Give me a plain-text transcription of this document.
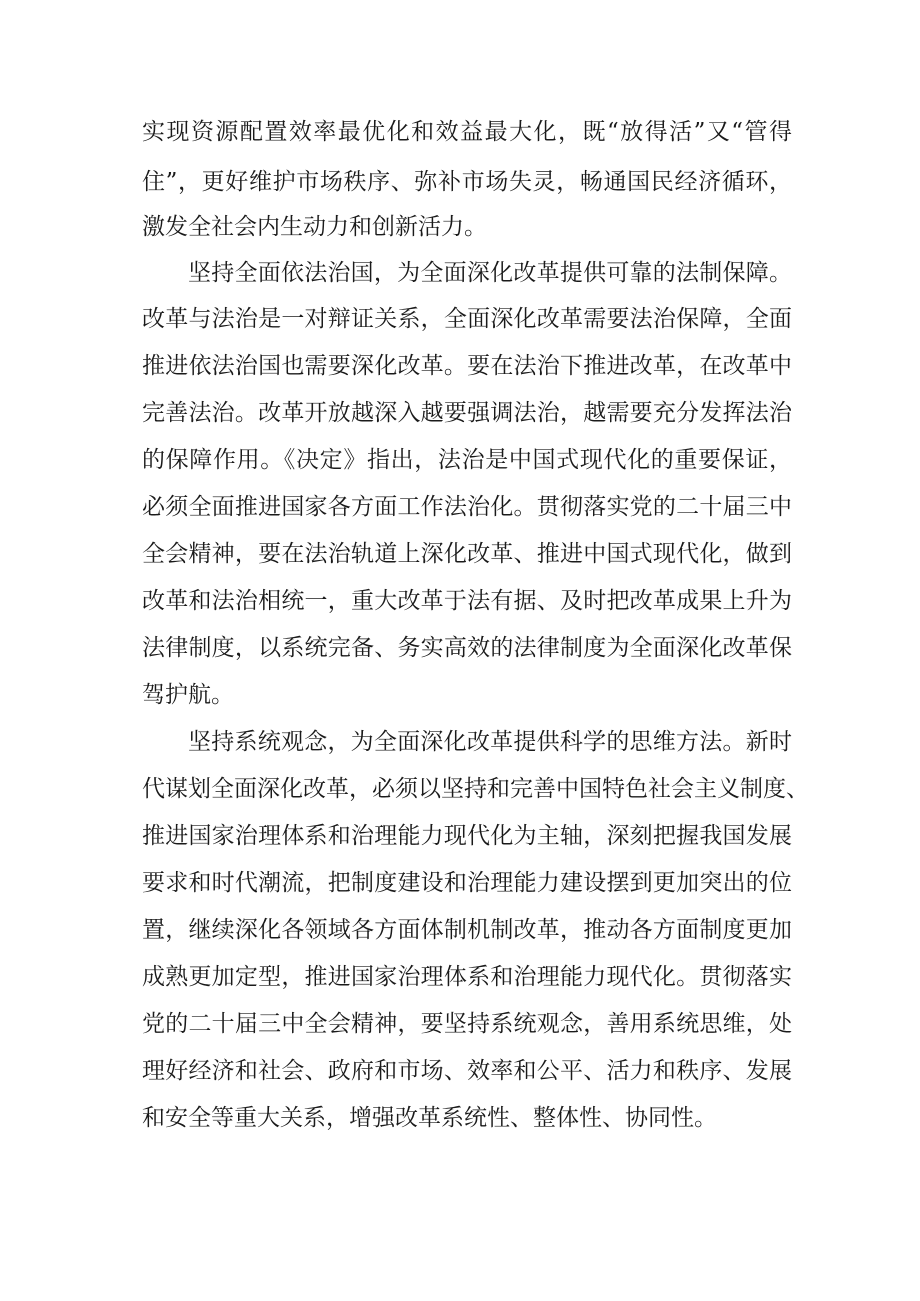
实现资源配置效率最优化和效益最大化，既“放得活”又“管得
住”，更好维护市场秩序、弥补市场失灵，畅通国民经济循环，
激发全社会内生动力和创新活力。
坚持全面依法治国，为全面深化改革提供可靠的法制保障。
改革与法治是一对辩证关系，全面深化改革需要法治保障，全面
推进依法治国也需要深化改革。要在法治下推进改革，在改革中
完善法治。改革开放越深入越要强调法治，越需要充分发挥法治
的保障作用。《决定》指出，法治是中国式现代化的重要保证，
必须全面推进国家各方面工作法治化。贯彻落实党的二十届三中
全会精神，要在法治轨道上深化改革、推进中国式现代化，做到
改革和法治相统一，重大改革于法有据、及时把改革成果上升为
法律制度，以系统完备、务实高效的法律制度为全面深化改革保
驾护航。
坚持系统观念，为全面深化改革提供科学的思维方法。新时
代谋划全面深化改革，必须以坚持和完善中国特色社会主义制度、
推进国家治理体系和治理能力现代化为主轴，深刻把握我国发展
要求和时代潮流，把制度建设和治理能力建设摆到更加突出的位
置，继续深化各领域各方面体制机制改革，推动各方面制度更加
成熟更加定型，推进国家治理体系和治理能力现代化。贯彻落实
党的二十届三中全会精神，要坚持系统观念，善用系统思维，处
理好经济和社会、政府和市场、效率和公平、活力和秩序、发展
和安全等重大关系，增强改革系统性、整体性、协同性。
